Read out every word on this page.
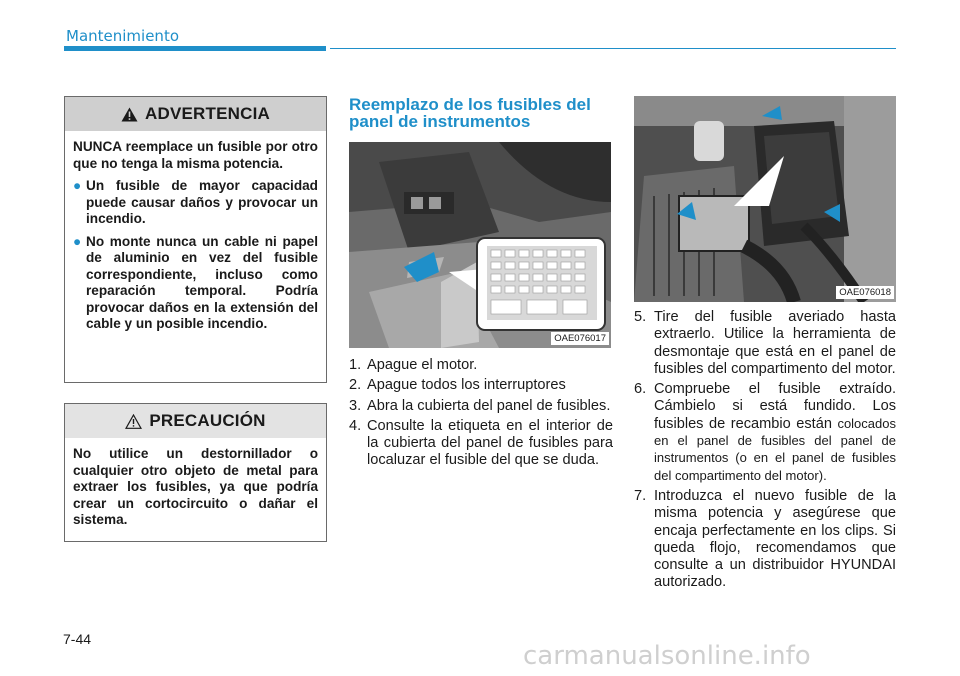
Mantenimiento
ADVERTENCIA

NUNCA reemplace un fusible por otro que no tenga la misma potencia.

● Un fusible de mayor capacidad puede causar daños y provocar un incendio.
● No monte nunca un cable ni papel de aluminio en vez del fusible correspondiente, incluso como reparación temporal. Podría provocar daños en la extensión del cable y un posible incendio.
PRECAUCIÓN

No utilice un destornillador o cualquier otro objeto de metal para extraer los fusibles, ya que podría crear un cortocircuito o dañar el sistema.

Reemplazo de los fusibles del panel de instrumentos
OAE076017
1. Apague el motor.
2. Apague todos los interruptores
3. Abra la cubierta del panel de fusibles.
4. Consulte la etiqueta en el interior de la cubierta del panel de fusibles para localuzar el fusible del que se duda.
OAE076018
5. Tire del fusible averiado hasta extraerlo. Utilice la herramienta de desmontaje que está en el panel de fusibles del compartimento del motor.
6. Compruebe el fusible extraído. Cámbielo si está fundido. Los fusibles de recambio están colocados en el panel de fusibles del panel de instrumentos (o en el panel de fusibles del compartimento del motor).
7. Introduzca el nuevo fusible de la misma potencia y asegúrese que encaja perfectamente en los clips. Si queda flojo, recomendamos que consulte a un distribuidor HYUNDAI autorizado.
7-44
carmanualsonline.info
